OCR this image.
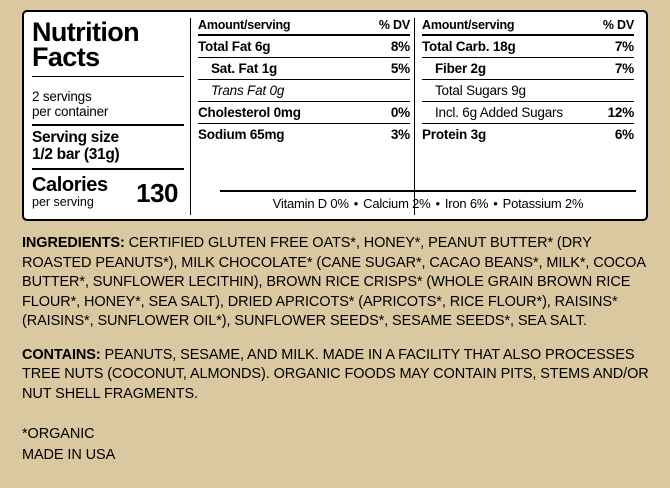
Nutrition Facts
2 servings
per container
Serving size
1/2 bar (31g)
Calories
per serving	130
Amount/serving	% DV
Total Fat 6g	8%
Sat. Fat 1g	5%
Trans Fat 0g
Cholesterol 0mg	0%
Sodium 65mg	3%
Amount/serving	% DV
Total Carb. 18g	7%
Fiber 2g	7%
Total Sugars 9g
Incl. 6g Added Sugars	12%
Protein 3g	6%
Vitamin D 0% • Calcium 2% • Iron 6% • Potassium 2%

INGREDIENTS: CERTIFIED GLUTEN FREE OATS*, HONEY*, PEANUT BUTTER* (DRY ROASTED PEANUTS*), MILK CHOCOLATE* (CANE SUGAR*, CACAO BEANS*, MILK*, COCOA BUTTER*, SUNFLOWER LECITHIN), BROWN RICE CRISPS* (WHOLE GRAIN BROWN RICE FLOUR*, HONEY*, SEA SALT), DRIED APRICOTS* (APRICOTS*, RICE FLOUR*), RAISINS* (RAISINS*, SUNFLOWER OIL*), SUNFLOWER SEEDS*, SESAME SEEDS*, SEA SALT.

CONTAINS: PEANUTS, SESAME, AND MILK. MADE IN A FACILITY THAT ALSO PROCESSES TREE NUTS (COCONUT, ALMONDS). ORGANIC FOODS MAY CONTAIN PITS, STEMS AND/OR NUT SHELL FRAGMENTS.

*ORGANIC
MADE IN USA
